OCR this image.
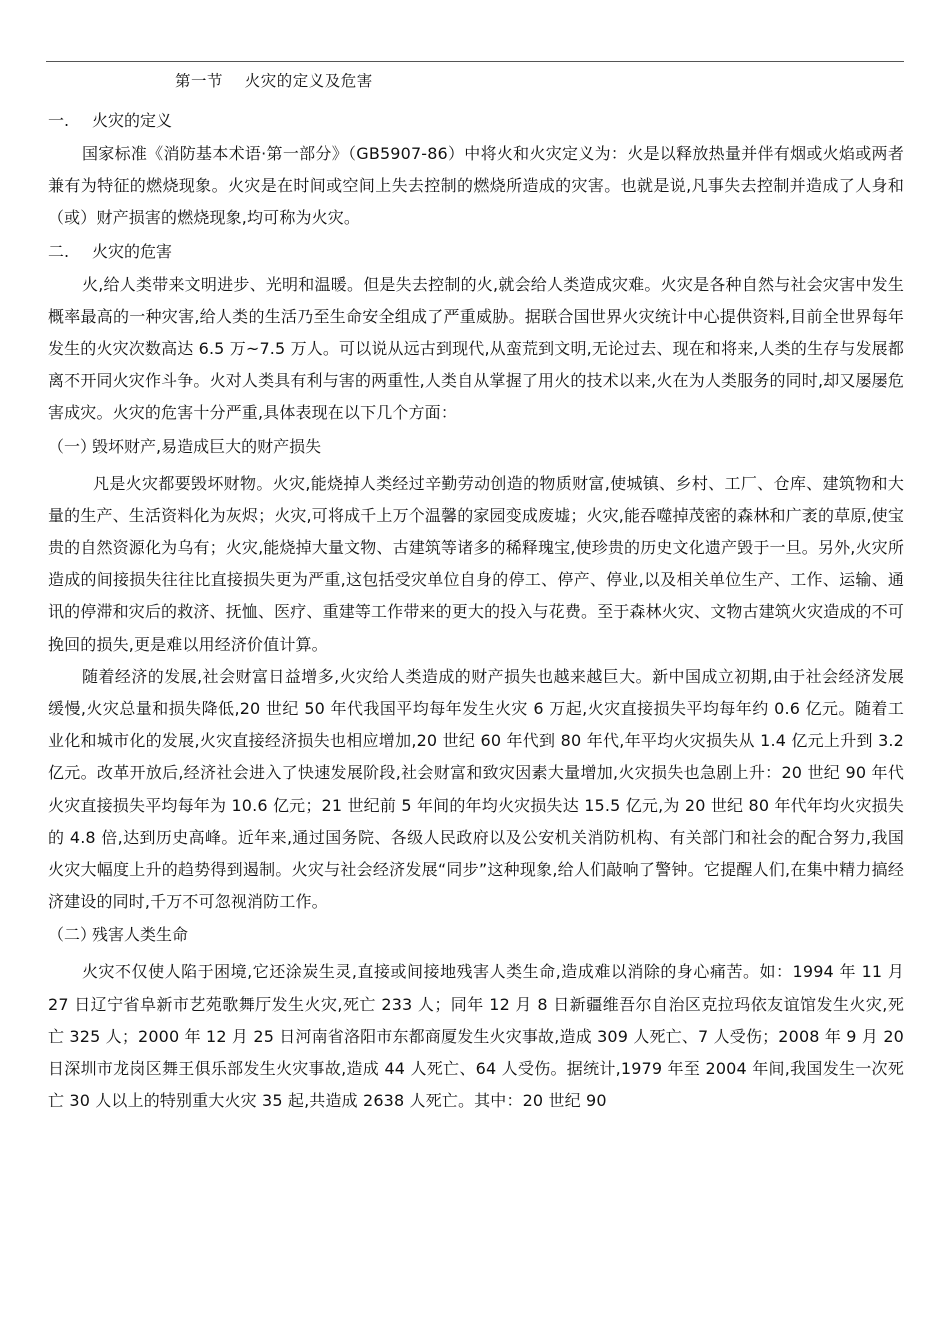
第一节    火灾的定义及危害
一. 火灾的定义

国家标准《消防基本术语·第一部分》（GB5907-86）中将火和火灾定义为：火是以释放热量并伴有烟或火焰或两者兼有为特征的燃烧现象。火灾是在时间或空间上失去控制的燃烧所造成的灾害。也就是说,凡事失去控制并造成了人身和（或）财产损害的燃烧现象,均可称为火灾。

二. 火灾的危害

火,给人类带来文明进步、光明和温暖。但是失去控制的火,就会给人类造成灾难。火灾是各种自然与社会灾害中发生概率最高的一种灾害,给人类的生活乃至生命安全组成了严重威胁。据联合国世界火灾统计中心提供资料,目前全世界每年发生的火灾次数高达 6.5 万~7.5 万人。可以说从远古到现代,从蛮荒到文明,无论过去、现在和将来,人类的生存与发展都离不开同火灾作斗争。火对人类具有利与害的两重性,人类自从掌握了用火的技术以来,火在为人类服务的同时,却又屡屡危害成灾。火灾的危害十分严重,具体表现在以下几个方面：

（一）毁坏财产,易造成巨大的财产损失

凡是火灾都要毁坏财物。火灾,能烧掉人类经过辛勤劳动创造的物质财富,使城镇、乡村、工厂、仓库、建筑物和大量的生产、生活资料化为灰烬；火灾,可将成千上万个温馨的家园变成废墟；火灾,能吞噬掉茂密的森林和广袤的草原,使宝贵的自然资源化为乌有；火灾,能烧掉大量文物、古建筑等诸多的稀释瑰宝,使珍贵的历史文化遗产毁于一旦。另外,火灾所造成的间接损失往往比直接损失更为严重,这包括受灾单位自身的停工、停产、停业,以及相关单位生产、工作、运输、通讯的停滞和灾后的救济、抚恤、医疗、重建等工作带来的更大的投入与花费。至于森林火灾、文物古建筑火灾造成的不可挽回的损失,更是难以用经济价值计算。

随着经济的发展,社会财富日益增多,火灾给人类造成的财产损失也越来越巨大。新中国成立初期,由于社会经济发展缓慢,火灾总量和损失降低,20 世纪 50 年代我国平均每年发生火灾 6 万起,火灾直接损失平均每年约 0.6 亿元。随着工业化和城市化的发展,火灾直接经济损失也相应增加,20 世纪 60 年代到 80 年代,年平均火灾损失从 1.4 亿元上升到 3.2 亿元。改革开放后,经济社会进入了快速发展阶段,社会财富和致灾因素大量增加,火灾损失也急剧上升：20 世纪 90 年代火灾直接损失平均每年为 10.6 亿元；21 世纪前 5 年间的年均火灾损失达 15.5 亿元,为 20 世纪 80 年代年均火灾损失的 4.8 倍,达到历史高峰。近年来,通过国务院、各级人民政府以及公安机关消防机构、有关部门和社会的配合努力,我国火灾大幅度上升的趋势得到遏制。火灾与社会经济发展“同步”这种现象,给人们敲响了警钟。它提醒人们,在集中精力搞经济建设的同时,千万不可忽视消防工作。

（二）残害人类生命

火灾不仅使人陷于困境,它还涂炭生灵,直接或间接地残害人类生命,造成难以消除的身心痛苦。如：1994 年 11 月 27 日辽宁省阜新市艺苑歌舞厅发生火灾,死亡 233 人；同年 12 月 8 日新疆维吾尔自治区克拉玛依友谊馆发生火灾,死亡 325 人；2000 年 12 月 25 日河南省洛阳市东都商厦发生火灾事故,造成 309 人死亡、7 人受伤；2008 年 9 月 20 日深圳市龙岗区舞王俱乐部发生火灾事故,造成 44 人死亡、64 人受伤。据统计,1979 年至 2004 年间,我国发生一次死亡 30 人以上的特别重大火灾 35 起,共造成 2638 人死亡。其中：20 世纪 90
